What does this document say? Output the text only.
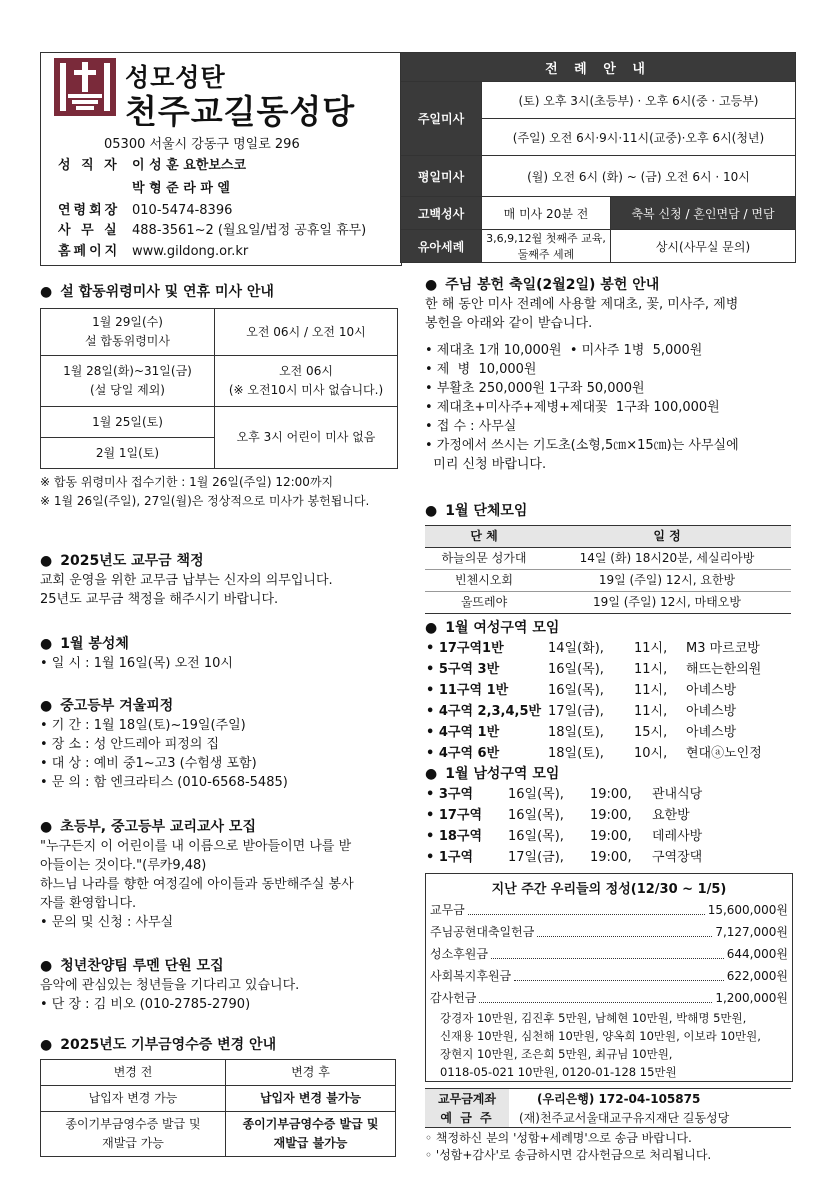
성모성탄
천주교길동성당
05300 서울시 강동구 명일로 296
성 직 자 이 성 훈 요한보스코
박 형 준 라 파 엘
연령회장 010-5474-8396
사 무 실 488-3561~2 (월요일/법정 공휴일 휴무)
홈페이지 www.gildong.or.kr
전 례 안 내		
주일미사	(토) 오후 3시(초등부) · 오후 6시(중 · 고등부)	
	(주일) 오전 6시·9시·11시(교중)·오후 6시(청년)	
평일미사	(월) 오전 6시 (화) ~ (금) 오전 6시 · 10시	
고백성사	매 미사 20분 전	축복 신청 / 혼인면담 / 면담
유아세례	3,6,9,12월 첫째주 교육, 둘째주 세례	상시(사무실 문의)
● 설 합동위령미사 및 연휴 미사 안내
1월 29일(수)
설 합동위령미사	오전 06시 / 오전 10시
1월 28일(화)~31일(금)
(설 당일 제외)	오전 06시
(※ 오전10시 미사 없습니다.)
1월 25일(토)	오후 3시 어린이 미사 없음
2월 1일(토)	
※ 합동 위령미사 접수기한 : 1월 26일(주일) 12:00까지
※ 1월 26일(주일), 27일(월)은 정상적으로 미사가 봉헌됩니다.
● 2025년도 교무금 책정
교회 운영을 위한 교무금 납부는 신자의 의무입니다.
25년도 교무금 책정을 해주시기 바랍니다.
● 1월 봉성체
• 일 시 : 1월 16일(목) 오전 10시
● 중고등부 겨울피정
• 기 간 : 1월 18일(토)~19일(주일)
• 장 소 : 성 안드레아 피정의 집
• 대 상 : 예비 중1~고3 (수험생 포함)
• 문 의 : 함 엔크라티스 (010-6568-5485)
● 초등부, 중고등부 교리교사 모집
"누구든지 이 어린이를 내 이름으로 받아들이면 나를 받
아들이는 것이다."(루카9,48)
하느님 나라를 향한 여정길에 아이들과 동반해주실 봉사
자를 환영합니다.
• 문의 및 신청 : 사무실
● 청년찬양팀 루멘 단원 모집
음악에 관심있는 청년들을 기다리고 있습니다.
• 단 장 : 김 비오 (010-2785-2790)
● 2025년도 기부금영수증 변경 안내
변경 전	변경 후
납입자 변경 가능	납입자 변경 불가능
종이기부금영수증 발급 및
재발급 가능	종이기부금영수증 발급 및
재발급 불가능
● 주님 봉헌 축일(2월2일) 봉헌 안내
한 해 동안 미사 전례에 사용할 제대초, 꽃, 미사주, 제병
봉헌을 아래와 같이 받습니다.
• 제대초 1개 10,000원  • 미사주 1병  5,000원
• 제  병  10,000원
• 부활초 250,000원 1구좌 50,000원
• 제대초+미사주+제병+제대꽃  1구좌 100,000원
• 접 수 : 사무실
• 가정에서 쓰시는 기도초(소형,5㎝×15㎝)는 사무실에
미리 신청 바랍니다.
● 1월 단체모임
단 체	일 정
하늘의문 성가대	14일 (화) 18시20분, 세실리아방
빈첸시오회	19일 (주일) 12시, 요한방
울뜨레야	19일 (주일) 12시, 마태오방
● 1월 여성구역 모임
• 17구역1반	14일(화),	11시,	M3 마르코방
• 5구역 3반	16일(목),	11시,	해뜨는한의원
• 11구역 1반	16일(목),	11시,	아녜스방
• 4구역 2,3,4,5반	17일(금),	11시,	아녜스방
• 4구역 1반	18일(토),	15시,	아녜스방
• 4구역 6반	18일(토),	10시,	현대ⓐ노인정
● 1월 남성구역 모임
• 3구역	16일(목),	19:00,	관내식당
• 17구역	16일(목),	19:00,	요한방
• 18구역	16일(목),	19:00,	데레사방
• 1구역	17일(금),	19:00,	구역장댁
지난 주간 우리들의 정성(12/30 ~ 1/5)
교무금	15,600,000원
주님공현대축일헌금	7,127,000원
성소후원금	644,000원
사회복지후원금	622,000원
감사헌금	1,200,000원
강경자 10만원, 김진후 5만원, 남혜현 10만원, 박해명 5만원,
신재용 10만원, 심천해 10만원, 양옥희 10만원, 이보라 10만원,
장현지 10만원, 조은희 5만원, 최규님 10만원,
0118-05-021 10만원, 0120-01-128 15만원
교무금계좌	(우리은행) 172-04-105875
예 금 주	(재)천주교서울대교구유지재단 길동성당
◦ 책정하신 분의 '성함+세례명'으로 송금 바랍니다.
◦ '성함+감사'로 송금하시면 감사헌금으로 처리됩니다.
